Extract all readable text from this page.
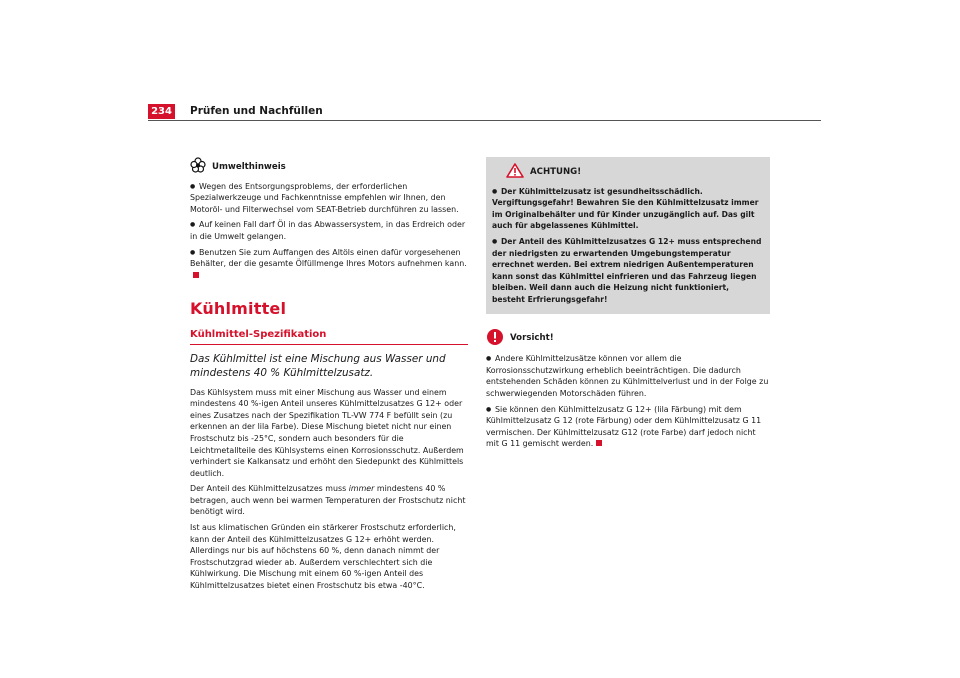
234 Prüfen und Nachfüllen
Umwelthinweis

●Wegen des Entsorgungsproblems, der erforderlichen Spezialwerkzeuge und Fachkenntnisse empfehlen wir Ihnen, den Motoröl- und Filterwechsel vom SEAT-Betrieb durchführen zu lassen.

●Auf keinen Fall darf Öl in das Abwassersystem, in das Erdreich oder in die Umwelt gelangen.

●Benutzen Sie zum Auffangen des Altöls einen dafür vorgesehenen Behälter, der die gesamte Ölfüllmenge Ihres Motors aufnehmen kann.

Kühlmittel
Kühlmittel-Spezifikation
Das Kühlmittel ist eine Mischung aus Wasser und mindestens 40 % Kühlmittelzusatz.

Das Kühlsystem muss mit einer Mischung aus Wasser und einem mindestens 40 %-igen Anteil unseres Kühlmittelzusatzes G 12+ oder eines Zusatzes nach der Spezifikation TL-VW 774 F befüllt sein (zu erkennen an der lila Farbe). Diese Mischung bietet nicht nur einen Frostschutz bis -25°C, sondern auch besonders für die Leichtmetallteile des Kühlsystems einen Korrosionsschutz. Außerdem verhindert sie Kalkansatz und erhöht den Siedepunkt des Kühlmittels deutlich.

Der Anteil des Kühlmittelzusatzes muss immer mindestens 40 % betragen, auch wenn bei warmen Temperaturen der Frostschutz nicht benötigt wird.

Ist aus klimatischen Gründen ein stärkerer Frostschutz erforderlich, kann der Anteil des Kühlmittelzusatzes G 12+ erhöht werden. Allerdings nur bis auf höchstens 60 %, denn danach nimmt der Frostschutzgrad wieder ab. Außerdem verschlechtert sich die Kühlwirkung. Die Mischung mit einem 60 %-igen Anteil des Kühlmittelzusatzes bietet einen Frostschutz bis etwa -40°C.

ACHTUNG!

●Der Kühlmittelzusatz ist gesundheitsschädlich. Vergiftungsgefahr! Bewahren Sie den Kühlmittelzusatz immer im Originalbehälter und für Kinder unzugänglich auf. Das gilt auch für abgelassenes Kühlmittel.

●Der Anteil des Kühlmittelzusatzes G 12+ muss entsprechend der niedrigsten zu erwartenden Umgebungstemperatur errechnet werden. Bei extrem niedrigen Außentemperaturen kann sonst das Kühlmittel einfrieren und das Fahrzeug liegen bleiben. Weil dann auch die Heizung nicht funktioniert, besteht Erfrierungsgefahr!

Vorsicht!

●Andere Kühlmittelzusätze können vor allem die Korrosionsschutzwirkung erheblich beeinträchtigen. Die dadurch entstehenden Schäden können zu Kühlmittelverlust und in der Folge zu schwerwiegenden Motorschäden führen.

●Sie können den Kühlmittelzusatz G 12+ (lila Färbung) mit dem Kühlmittelzusatz G 12 (rote Färbung) oder dem Kühlmittelzusatz G 11 vermischen. Der Kühlmittelzusatz G12 (rote Farbe) darf jedoch nicht mit G 11 gemischt werden.
